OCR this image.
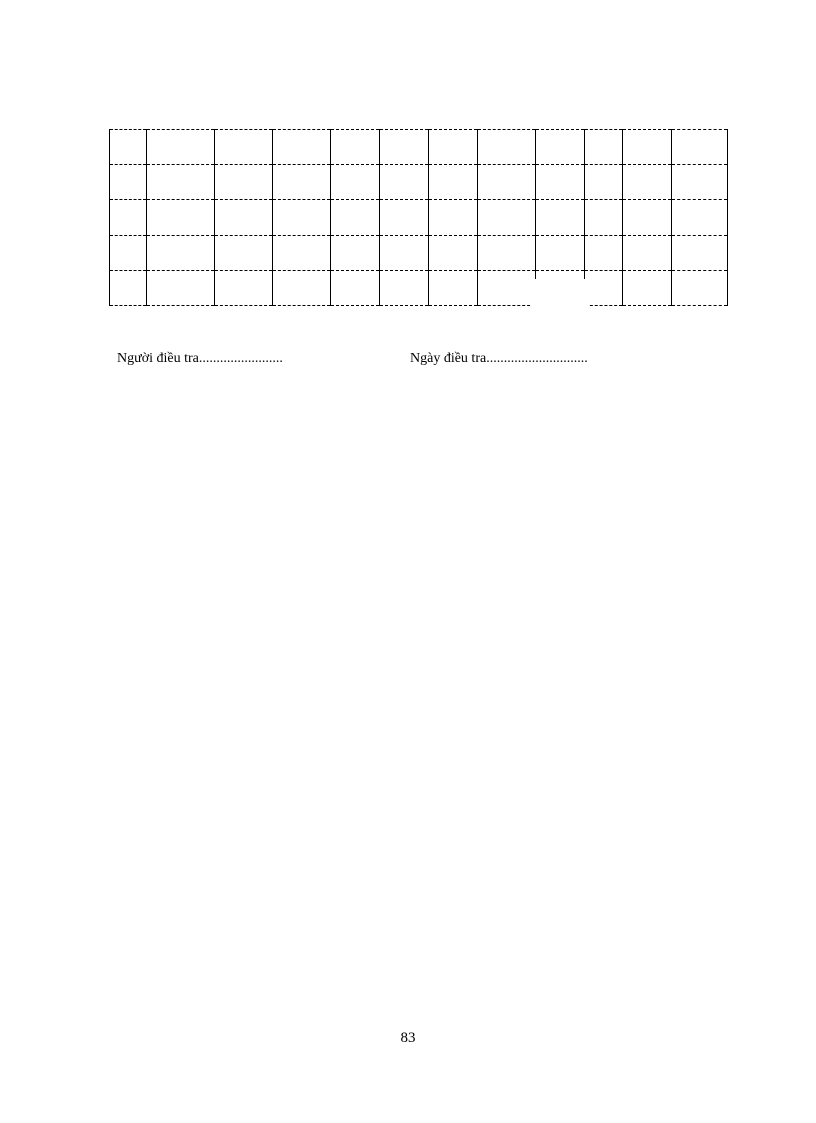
Người điều tra........................	Ngày điều tra.............................
83
